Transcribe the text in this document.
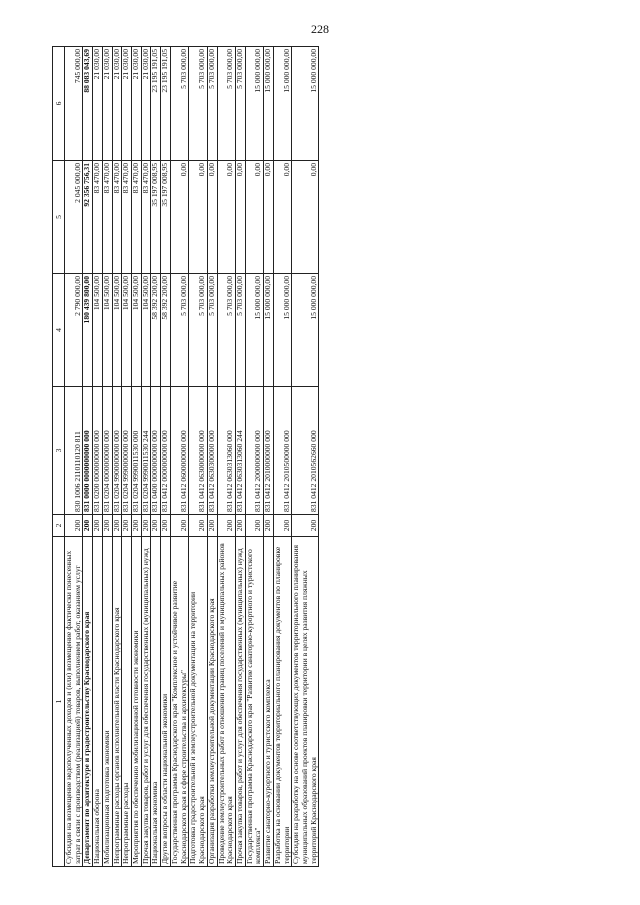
228
1	2	3	4	5	6
Субсидии на возмещение недополученных доходов и (или) возмещение фактически понесенных затрат в связи с производством (реализацией) товаров, выполнением работ, оказанием услуг	200	830 1006 2110110120 811	2 790 000,00	2 045 000,00	745 000,00
Департамент по архитектуре и градостроительству Краснодарского края	200	831 0000 0000000000 000	180 439 800,00	92 356 756,31	88 083 043,69
Национальная оборона	200	831 0200 0000000000 000	104 500,00	83 470,00	21 030,00
Мобилизационная подготовка экономики	200	831 0204 0000000000 000	104 500,00	83 470,00	21 030,00
Непрограммные расходы органов исполнительной власти Краснодарского края	200	831 0204 9900000000 000	104 500,00	83 470,00	21 030,00
Непрограммные расходы	200	831 0204 9990000000 000	104 500,00	83 470,00	21 030,00
Мероприятия по обеспечению мобилизационной готовности экономики	200	831 0204 9990011530 000	104 500,00	83 470,00	21 030,00
Прочая закупка товаров, работ и услуг для обеспечения государственных (муниципальных) нужд	200	831 0204 9990011530 244	104 500,00	83 470,00	21 030,00
Национальная экономика	200	831 0400 0000000000 000	58 392 200,00	35 197 008,95	23 195 191,05
Другие вопросы в области национальной экономики	200	831 0412 0000000000 000	58 392 200,00	35 197 008,95	23 195 191,05
Государственная программа Краснодарского края "Комплексное и устойчивое развитие Краснодарского края в сфере строительства и архитектуры"	200	831 0412 0600000000 000	5 703 000,00	0,00	5 703 000,00
Подготовка градостроительной и землеустроительной документации на территории Краснодарского края	200	831 0412 0630000000 000	5 703 000,00	0,00	5 703 000,00
Организация разработки землеустроительной документации Краснодарского края	200	831 0412 0630300000 000	5 703 000,00	0,00	5 703 000,00
Проведение землеустроительных работ в отношении границ поселений и муниципальных районов Краснодарского края	200	831 0412 0630313060 000	5 703 000,00	0,00	5 703 000,00
Прочая закупка товаров, работ и услуг для обеспечения государственных (муниципальных) нужд	200	831 0412 0630313060 244	5 703 000,00	0,00	5 703 000,00
Государственная программа Краснодарского края "Развитие санаторно-курортного и туристского комплекса"	200	831 0412 2000000000 000	15 000 000,00	0,00	15 000 000,00
Развитие санаторно-курортного и туристского комплекса	200	831 0412 2010000000 000	15 000 000,00	0,00	15 000 000,00
Разработка на основании документов территориального планирования документов по планировке территории	200	831 0412 2010500000 000	15 000 000,00	0,00	15 000 000,00
Субсидии на разработку на основе соответствующих документов территориального планирования муниципальных образований проектов планировки территории в целях развития пляжных территорий Краснодарского края	200	831 0412 2010562660 000	15 000 000,00	0,00	15 000 000,00
